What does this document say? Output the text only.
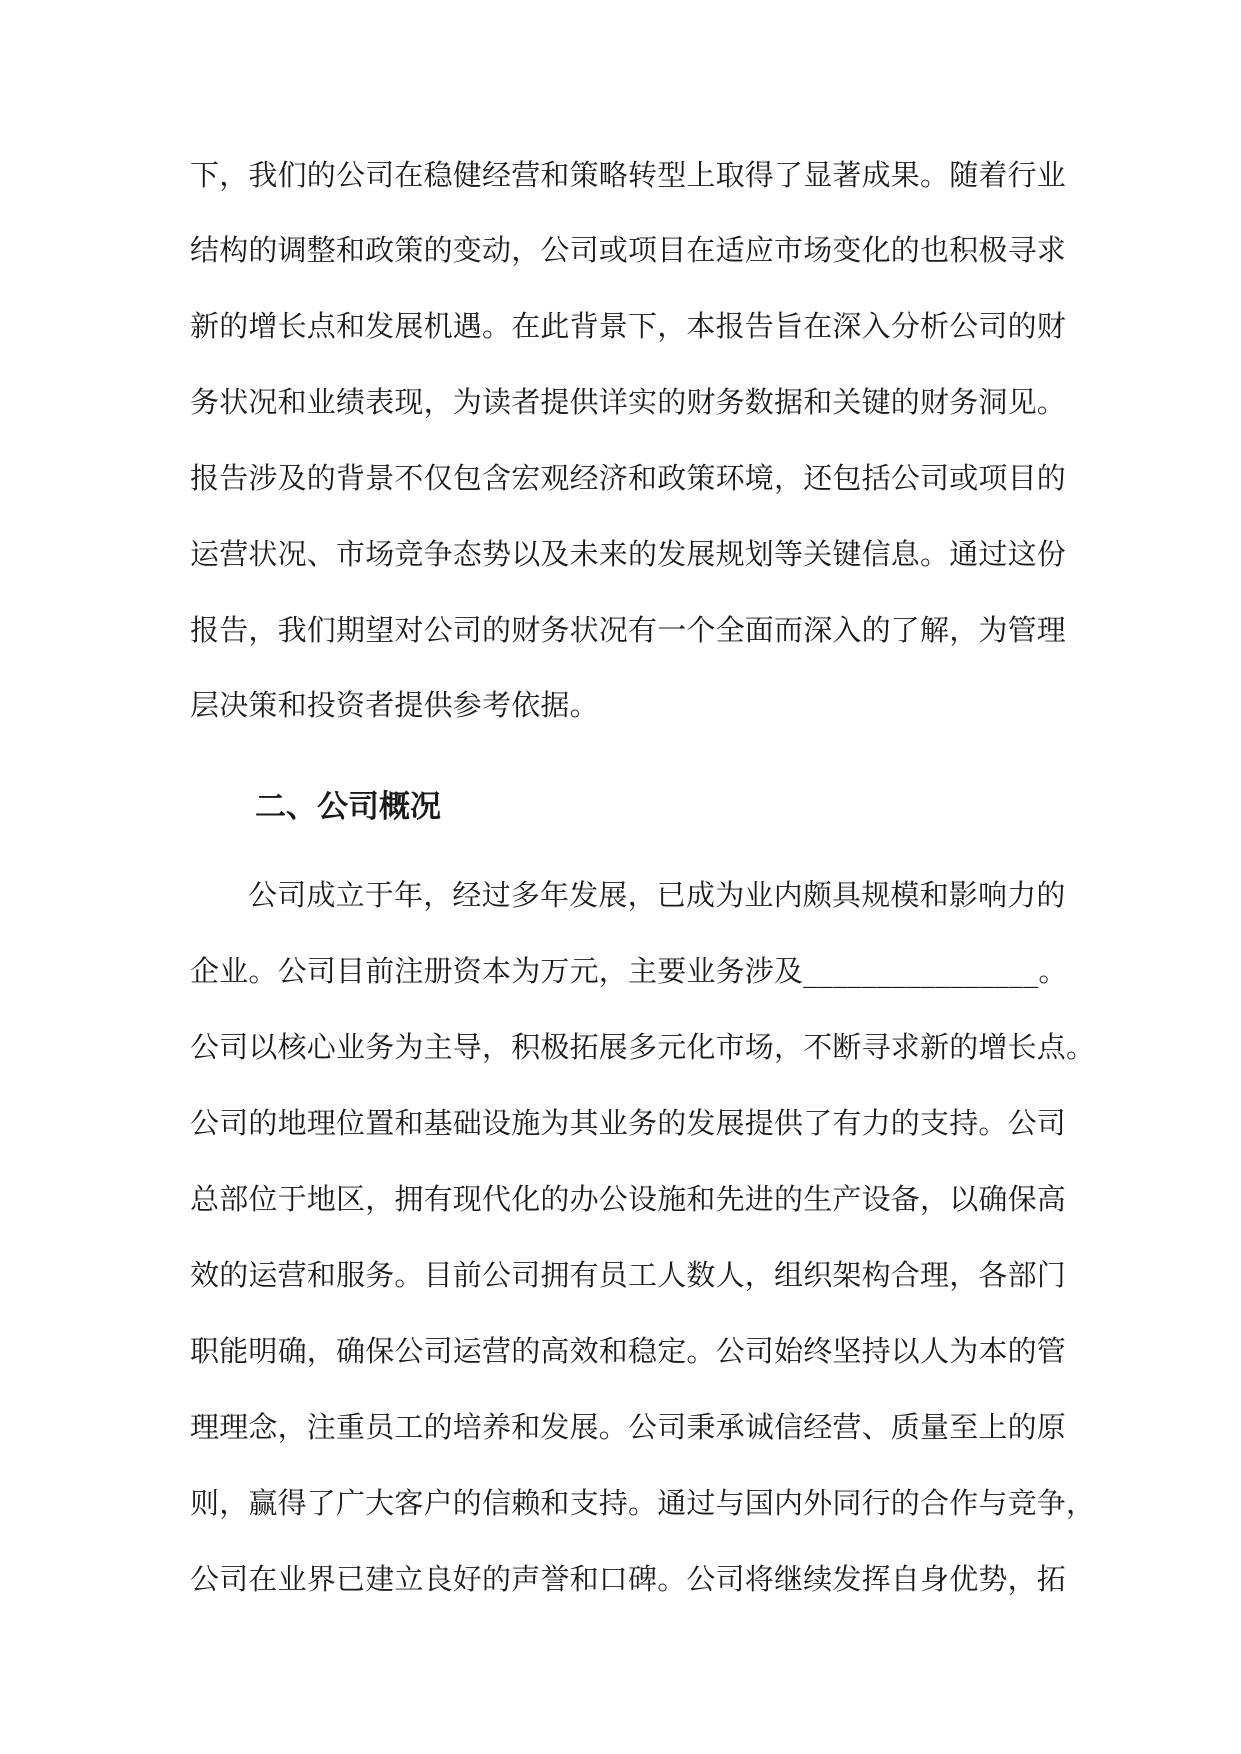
下，我们的公司在稳健经营和策略转型上取得了显著成果。随着行业
结构的调整和政策的变动，公司或项目在适应市场变化的也积极寻求
新的增长点和发展机遇。在此背景下，本报告旨在深入分析公司的财
务状况和业绩表现，为读者提供详实的财务数据和关键的财务洞见。
报告涉及的背景不仅包含宏观经济和政策环境，还包括公司或项目的
运营状况、市场竞争态势以及未来的发展规划等关键信息。通过这份
报告，我们期望对公司的财务状况有一个全面而深入的了解，为管理
层决策和投资者提供参考依据。
二、公司概况
公司成立于年，经过多年发展，已成为业内颇具规模和影响力的
企业。公司目前注册资本为万元，主要业务涉及________________。
公司以核心业务为主导，积极拓展多元化市场，不断寻求新的增长点。
公司的地理位置和基础设施为其业务的发展提供了有力的支持。公司
总部位于地区，拥有现代化的办公设施和先进的生产设备，以确保高
效的运营和服务。目前公司拥有员工人数人，组织架构合理，各部门
职能明确，确保公司运营的高效和稳定。公司始终坚持以人为本的管
理理念，注重员工的培养和发展。公司秉承诚信经营、质量至上的原
则，赢得了广大客户的信赖和支持。通过与国内外同行的合作与竞争，
公司在业界已建立良好的声誉和口碑。公司将继续发挥自身优势，拓
